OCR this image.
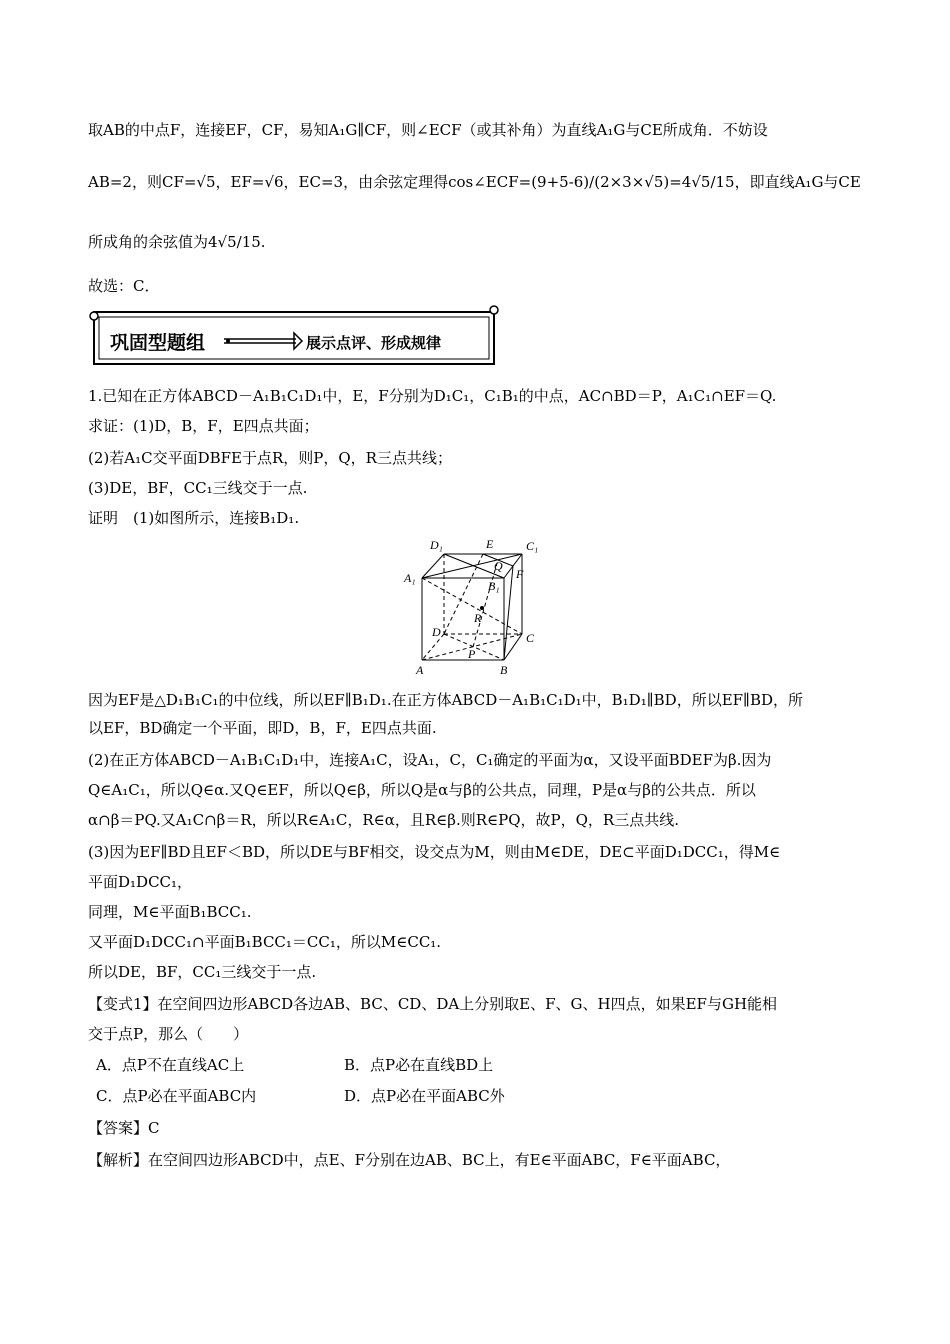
取AB的中点F，连接EF，CF，易知A₁G∥CF，则∠ECF（或其补角）为直线A₁G与CE所成角．不妨设
AB=2，则CF=√5，EF=√6，EC=3，由余弦定理得cos∠ECF=(9+5-6)/(2×3×√5)=4√5/15，即直线A₁G与CE
所成角的余弦值为4√5/15.
故选：C．
巩固型题组	展示点评、形成规律
1.已知在正方体ABCD－A₁B₁C₁D₁中，E，F分别为D₁C₁，C₁B₁的中点，AC∩BD＝P，A₁C₁∩EF＝Q.
求证：(1)D，B，F，E四点共面；
(2)若A₁C交平面DBFE于点R，则P，Q，R三点共线；
(3)DE，BF，CC₁三线交于一点.
证明　(1)如图所示，连接B₁D₁.
D₁	E	C₁
Q
A₁
B₁
F
R
D	C
P
A	B
因为EF是△D₁B₁C₁的中位线，所以EF∥B₁D₁.在正方体ABCD－A₁B₁C₁D₁中，B₁D₁∥BD，所以EF∥BD，所
以EF，BD确定一个平面，即D，B，F，E四点共面.
(2)在正方体ABCD－A₁B₁C₁D₁中，连接A₁C，设A₁，C，C₁确定的平面为α，又设平面BDEF为β.因为
Q∈A₁C₁，所以Q∈α.又Q∈EF，所以Q∈β，所以Q是α与β的公共点，同理，P是α与β的公共点．所以
α∩β＝PQ.又A₁C∩β＝R，所以R∈A₁C，R∈α，且R∈β.则R∈PQ，故P，Q，R三点共线.
(3)因为EF∥BD且EF＜BD，所以DE与BF相交，设交点为M，则由M∈DE，DE⊂平面D₁DCC₁，得M∈
平面D₁DCC₁，
同理，M∈平面B₁BCC₁.
又平面D₁DCC₁∩平面B₁BCC₁＝CC₁，所以M∈CC₁.
所以DE，BF，CC₁三线交于一点.
【变式1】在空间四边形ABCD各边AB、BC、CD、DA上分别取E、F、G、H四点，如果EF与GH能相
交于点P，那么（　　）
A．点P不在直线AC上	B．点P必在直线BD上
C．点P必在平面ABC内	D．点P必在平面ABC外
【答案】C
【解析】在空间四边形ABCD中，点E、F分别在边AB、BC上，有E∈平面ABC，F∈平面ABC，
